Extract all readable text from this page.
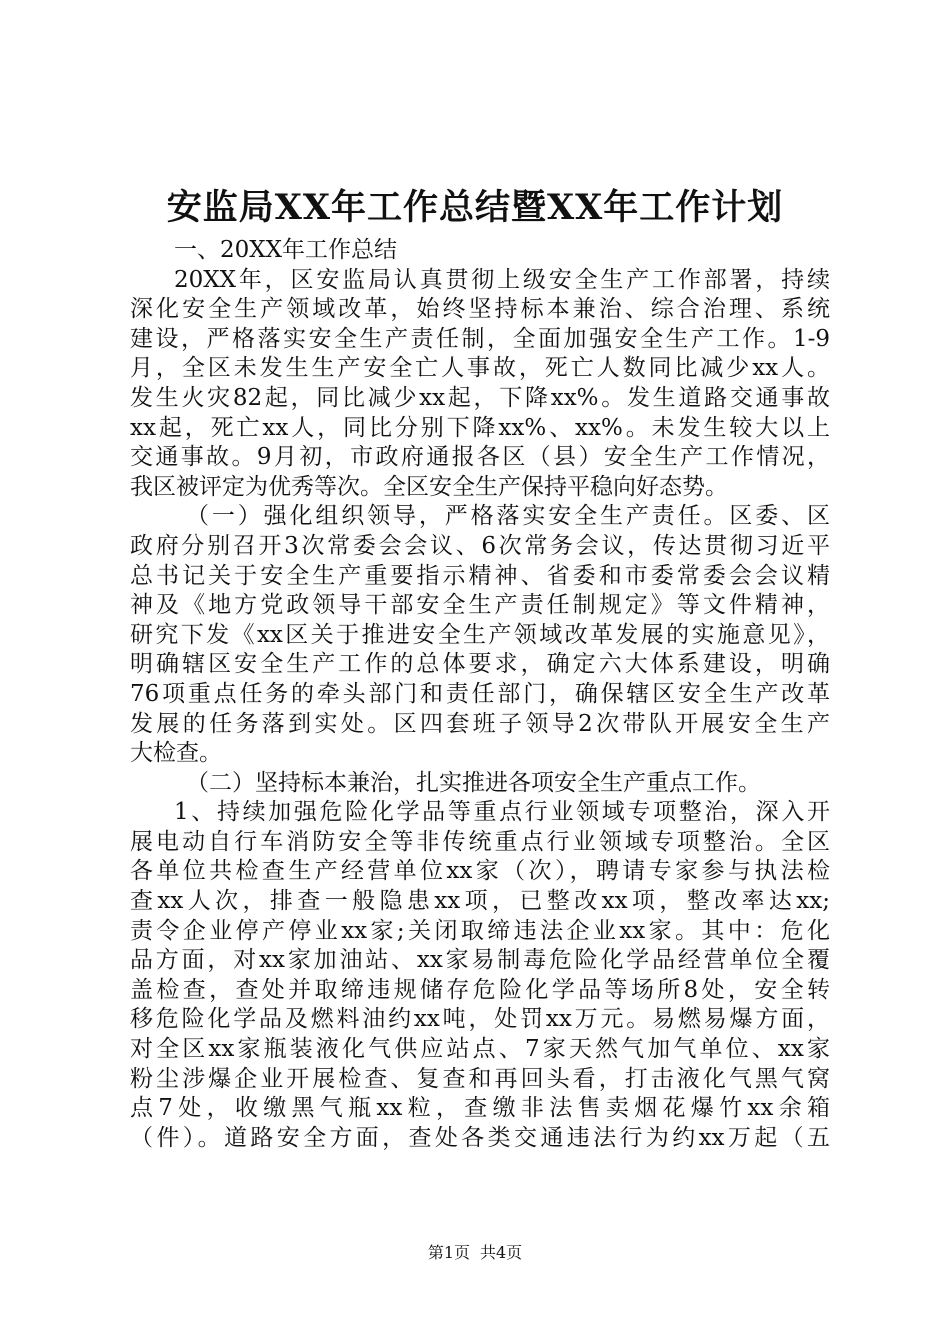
安监局XX年工作总结暨XX年工作计划
一、20XX年工作总结
20XX年，区安监局认真贯彻上级安全生产工作部署，持续
深化安全生产领域改革，始终坚持标本兼治、综合治理、系统
建设，严格落实安全生产责任制，全面加强安全生产工作。1-9
月，全区未发生生产安全亡人事故，死亡人数同比减少xx人。
发生火灾82起，同比减少xx起，下降xx%。发生道路交通事故
xx起，死亡xx人，同比分别下降xx%、xx%。未发生较大以上
交通事故。9月初，市政府通报各区（县）安全生产工作情况，
我区被评定为优秀等次。全区安全生产保持平稳向好态势。
（一）强化组织领导，严格落实安全生产责任。区委、区
政府分别召开3次常委会会议、6次常务会议，传达贯彻习近平
总书记关于安全生产重要指示精神、省委和市委常委会会议精
神及《地方党政领导干部安全生产责任制规定》等文件精神，
研究下发《xx区关于推进安全生产领域改革发展的实施意见》，
明确辖区安全生产工作的总体要求，确定六大体系建设，明确
76项重点任务的牵头部门和责任部门，确保辖区安全生产改革
发展的任务落到实处。区四套班子领导2次带队开展安全生产
大检查。
（二）坚持标本兼治，扎实推进各项安全生产重点工作。
1、持续加强危险化学品等重点行业领域专项整治，深入开
展电动自行车消防安全等非传统重点行业领域专项整治。全区
各单位共检查生产经营单位xx家（次），聘请专家参与执法检
查xx人次，排查一般隐患xx项，已整改xx项，整改率达xx;
责令企业停产停业xx家;关闭取缔违法企业xx家。其中：危化
品方面，对xx家加油站、xx家易制毒危险化学品经营单位全覆
盖检查，查处并取缔违规储存危险化学品等场所8处，安全转
移危险化学品及燃料油约xx吨，处罚xx万元。易燃易爆方面，
对全区xx家瓶装液化气供应站点、7家天然气加气单位、xx家
粉尘涉爆企业开展检查、复查和再回头看，打击液化气黑气窝
点7处，收缴黑气瓶xx粒，查缴非法售卖烟花爆竹xx余箱
（件）。道路安全方面，查处各类交通违法行为约xx万起（五
第1页 共4页
